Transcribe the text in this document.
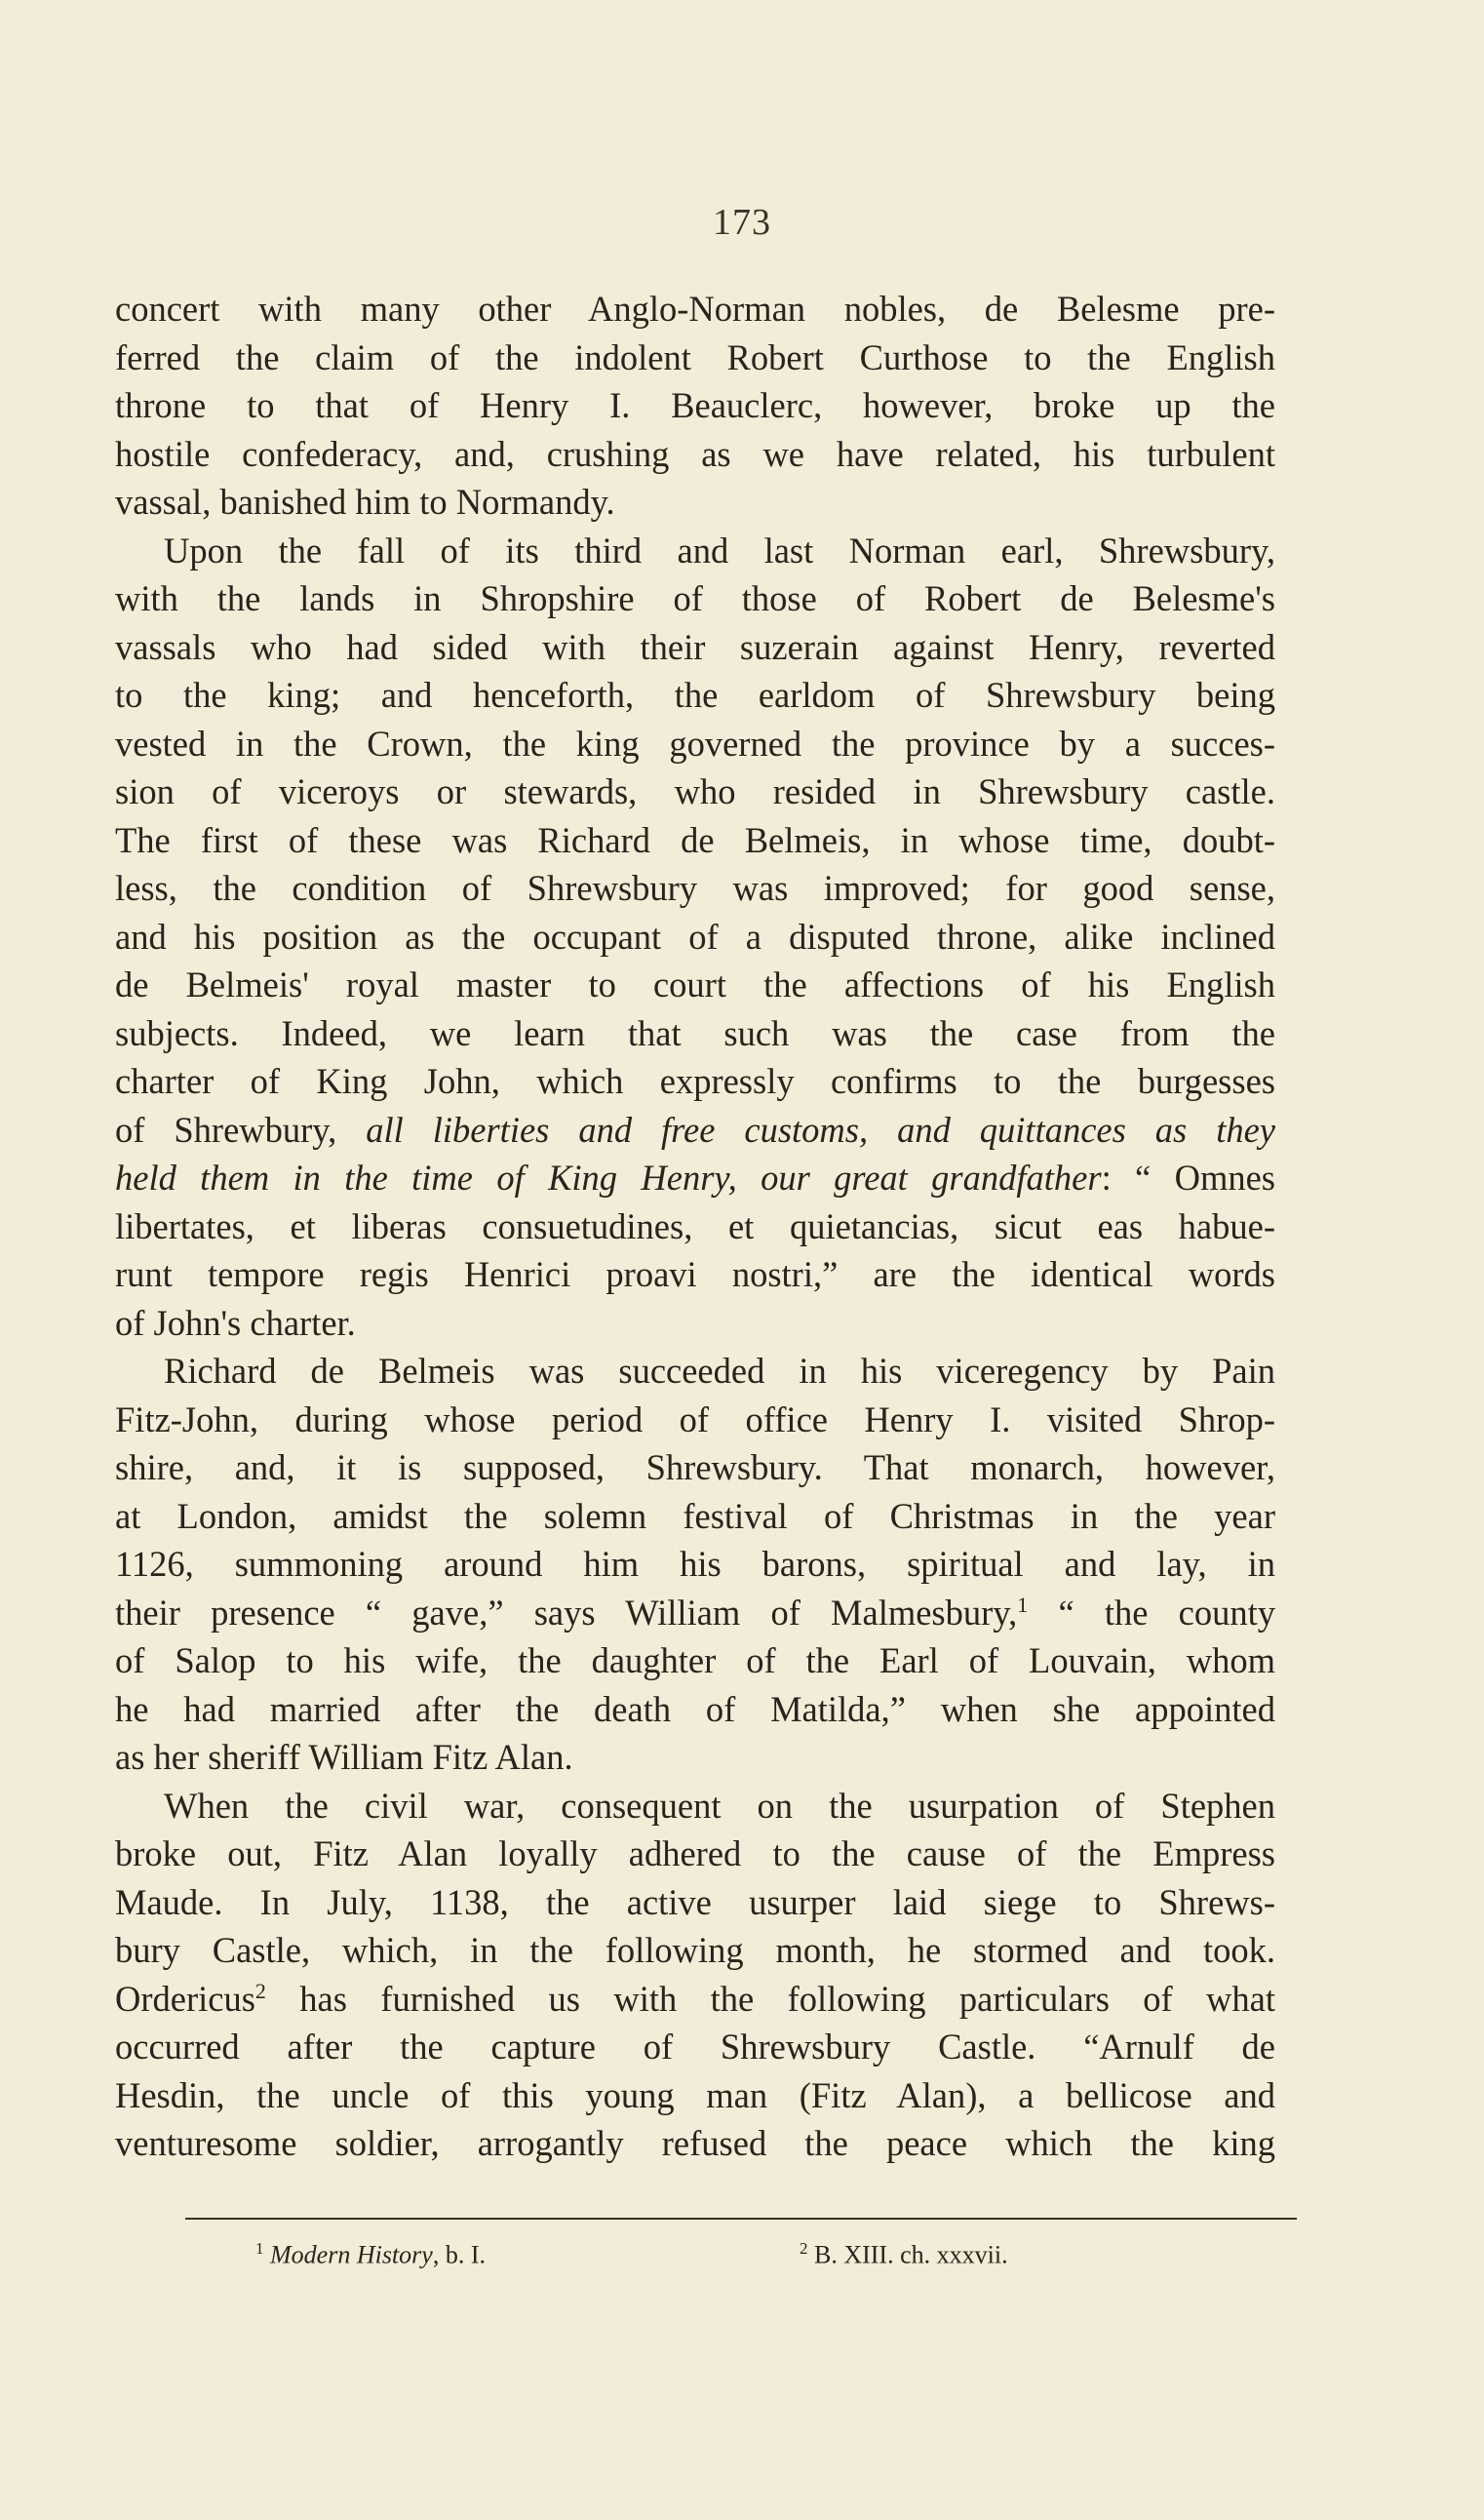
173
concert with many other Anglo-Norman nobles, de Belesme pre-
ferred the claim of the indolent Robert Curthose to the English
throne to that of Henry I. Beauclerc, however, broke up the
hostile confederacy, and, crushing as we have related, his turbulent
vassal, banished him to Normandy.
Upon the fall of its third and last Norman earl, Shrewsbury,
with the lands in Shropshire of those of Robert de Belesme's
vassals who had sided with their suzerain against Henry, reverted
to the king; and henceforth, the earldom of Shrewsbury being
vested in the Crown, the king governed the province by a succes-
sion of viceroys or stewards, who resided in Shrewsbury castle.
The first of these was Richard de Belmeis, in whose time, doubt-
less, the condition of Shrewsbury was improved; for good sense,
and his position as the occupant of a disputed throne, alike inclined
de Belmeis' royal master to court the affections of his English
subjects. Indeed, we learn that such was the case from the
charter of King John, which expressly confirms to the burgesses
of Shrewbury, all liberties and free customs, and quittances as they
held them in the time of King Henry, our great grandfather: “ Omnes
libertates, et liberas consuetudines, et quietancias, sicut eas habue-
runt tempore regis Henrici proavi nostri,” are the identical words
of John's charter.
Richard de Belmeis was succeeded in his viceregency by Pain
Fitz-John, during whose period of office Henry I. visited Shrop-
shire, and, it is supposed, Shrewsbury. That monarch, however,
at London, amidst the solemn festival of Christmas in the year
1126, summoning around him his barons, spiritual and lay, in
their presence “ gave,” says William of Malmesbury,$^1$ “ the county
of Salop to his wife, the daughter of the Earl of Louvain, whom
he had married after the death of Matilda,” when she appointed
as her sheriff William Fitz Alan.
When the civil war, consequent on the usurpation of Stephen
broke out, Fitz Alan loyally adhered to the cause of the Empress
Maude. In July, 1138, the active usurper laid siege to Shrews-
bury Castle, which, in the following month, he stormed and took.
Ordericus$^2$ has furnished us with the following particulars of what
occurred after the capture of Shrewsbury Castle. “Arnulf de
Hesdin, the uncle of this young man (Fitz Alan), a bellicose and
venturesome soldier, arrogantly refused the peace which the king
$^1$ Modern History, b. I.	$^2$ B. XIII. ch. xxxvii.
